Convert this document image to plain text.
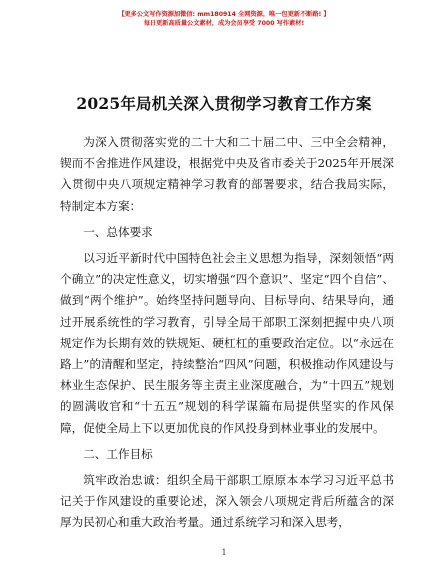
【更多公文写作资源加微信: mm180914 全网资源，唯一包更新不断路! 】
每日更新高质量公文素材，成为会员享受 7000 写作素材!
2025年局机关深入贯彻学习教育工作方案

为深入贯彻落实党的二十大和二十届二中、三中全会精神，锲而不舍推进作风建设，根据党中央及省市委关于2025年开展深入贯彻中央八项规定精神学习教育的部署要求，结合我局实际，特制定本方案：

一、总体要求

以习近平新时代中国特色社会主义思想为指导，深刻领悟“两个确立”的决定性意义，切实增强“四个意识”、坚定“四个自信”、做到“两个维护”。始终坚持问题导向、目标导向、结果导向，通过开展系统性的学习教育，引导全局干部职工深刻把握中央八项规定作为长期有效的铁规矩、硬杠杠的重要政治定位。以“永远在路上”的清醒和坚定，持续整治“四风”问题，积极推动作风建设与林业生态保护、民生服务等主责主业深度融合，为“十四五”规划的圆满收官和“十五五”规划的科学谋篇布局提供坚实的作风保障，促使全局上下以更加优良的作风投身到林业事业的发展中。

二、工作目标

筑牢政治忠诚：组织全局干部职工原原本本学习习近平总书记关于作风建设的重要论述，深入领会八项规定背后所蕴含的深厚为民初心和重大政治考量。通过系统学习和深入思考，

1
